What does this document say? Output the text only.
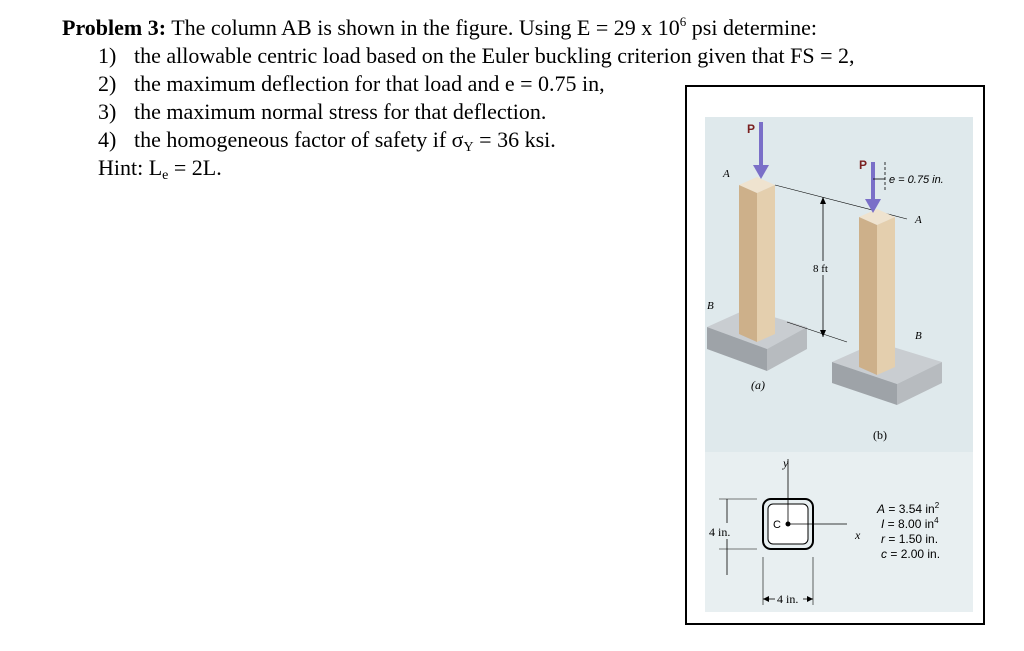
Problem 3: The column AB is shown in the figure. Using E = 29 x $10^6$ psi determine:
1) the allowable centric load based on the Euler buckling criterion given that FS = 2,
2) the maximum deflection for that load and e = 0.75 in,
3) the maximum normal stress for that deflection.
4) the homogeneous factor of safety if $\sigma_Y = 36$ ksi.
Hint: $L_e = 2L$.
P
A
B
8 ft
(a)
P
e = 0.75 in.
A
B
(b)
y
x
C
4 in.
4 in.
A = 3.54 $in^2$
I = 8.00 $in^4$
r = 1.50 in.
c = 2.00 in.
